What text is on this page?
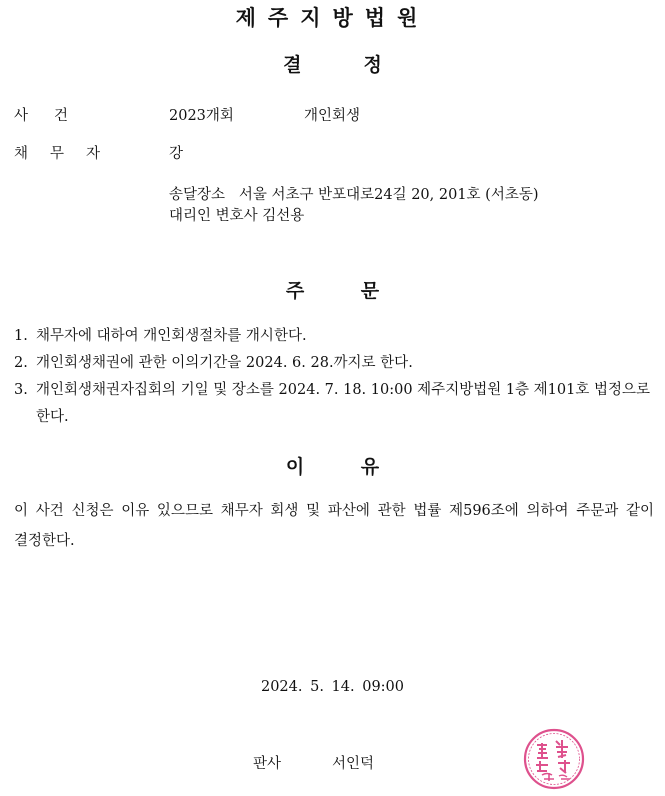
제주지방법원
결정
사건	2023개회	개인회생
채무자	강
송달장소   서울 서초구 반포대로24길 20, 201호 (서초동)
대리인 변호사 김선용
주 문
1. 채무자에 대하여 개인회생절차를 개시한다.
2. 개인회생채권에 관한 이의기간을 2024. 6. 28.까지로 한다.
3. 개인회생채권자집회의 기일 및 장소를 2024. 7. 18. 10:00 제주지방법원 1층 제101호 법정으로 한다.
이 유
이 사건 신청은 이유 있으므로 채무자 회생 및 파산에 관한 법률 제596조에 의하여 주문과 같이 결정한다.
2024. 5. 14. 09:00
판사	서인덕
